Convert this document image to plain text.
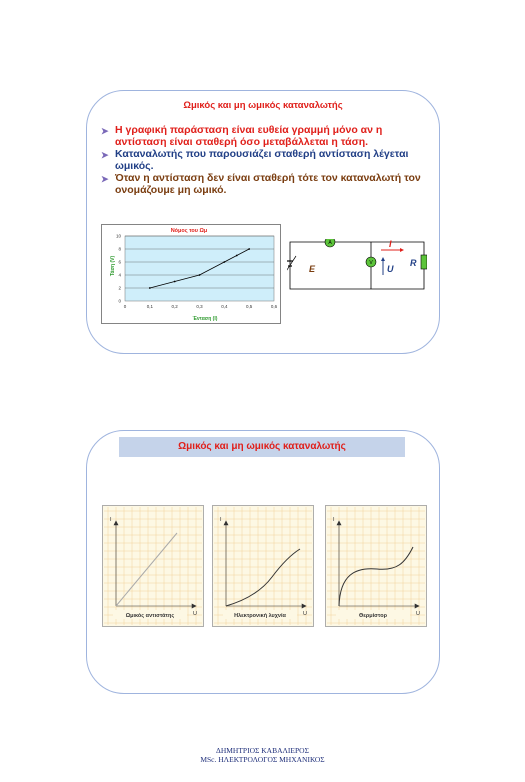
Ωμικός και μη ωμικός καταναλωτής
➤ Η γραφική παράσταση είναι ευθεία γραμμή μόνο αν η αντίσταση είναι σταθερή όσο μεταβάλλεται η τάση.
➤ Καταναλωτής που παρουσιάζει σταθερή αντίσταση λέγεται ωμικός.
➤ Όταν η αντίσταση δεν είναι σταθερή τότε τον καταναλωτή τον ονομάζουμε μη ωμικό.
Νόμος του Ωμ
0
2
4
6
8
10
0	0,1	0,2	0,3	0,4	0,5	0,6
Τάση (V)
Ένταση (I)
A
V
E
I
U
R
Ωμικός και μη ωμικός καταναλωτής
I
U
Ωμικός αντιστάτης
I
U
Ηλεκτρονική λυχνία
I
U
Θερμίστορ
ΔΗΜΗΤΡΙΟΣ ΚΑΒΑΛΙΕΡΟΣ
MSc. ΗΛΕΚΤΡΟΛΟΓΟΣ ΜΗΧΑΝΙΚΟΣ
